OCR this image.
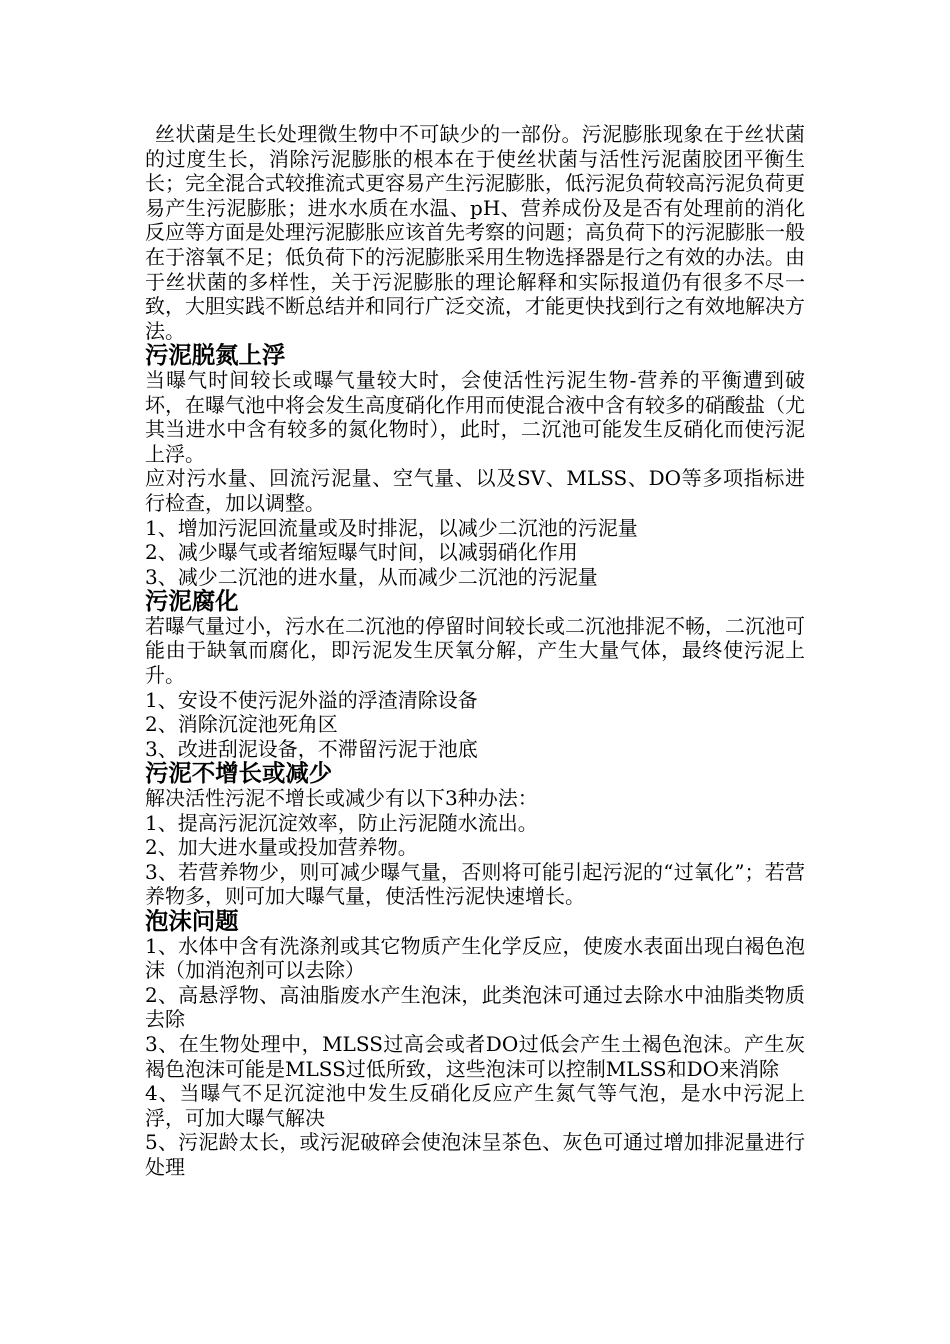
丝状菌是生长处理微生物中不可缺少的一部份。污泥膨胀现象在于丝状菌的过度生长，消除污泥膨胀的根本在于使丝状菌与活性污泥菌胶团平衡生长；完全混合式较推流式更容易产生污泥膨胀，低污泥负荷较高污泥负荷更易产生污泥膨胀；进水水质在水温、pH、营养成份及是否有处理前的消化反应等方面是处理污泥膨胀应该首先考察的问题；高负荷下的污泥膨胀一般在于溶氧不足；低负荷下的污泥膨胀采用生物选择器是行之有效的办法。由于丝状菌的多样性，关于污泥膨胀的理论解释和实际报道仍有很多不尽一致，大胆实践不断总结并和同行广泛交流，才能更快找到行之有效地解决方法。

污泥脱氮上浮

当曝气时间较长或曝气量较大时，会使活性污泥生物-营养的平衡遭到破坏，在曝气池中将会发生高度硝化作用而使混合液中含有较多的硝酸盐（尤其当进水中含有较多的氮化物时），此时，二沉池可能发生反硝化而使污泥上浮。

应对污水量、回流污泥量、空气量、以及SV、MLSS、DO等多项指标进行检查，加以调整。

1、增加污泥回流量或及时排泥，以减少二沉池的污泥量

2、减少曝气或者缩短曝气时间，以减弱硝化作用

3、减少二沉池的进水量，从而减少二沉池的污泥量

污泥腐化

若曝气量过小，污水在二沉池的停留时间较长或二沉池排泥不畅，二沉池可能由于缺氧而腐化，即污泥发生厌氧分解，产生大量气体，最终使污泥上升。

1、安设不使污泥外溢的浮渣清除设备

2、消除沉淀池死角区

3、改进刮泥设备，不滞留污泥于池底

污泥不增长或减少

解决活性污泥不增长或减少有以下3种办法：

1、提高污泥沉淀效率，防止污泥随水流出。

2、加大进水量或投加营养物。

3、若营养物少，则可减少曝气量，否则将可能引起污泥的“过氧化”；若营养物多，则可加大曝气量，使活性污泥快速增长。

泡沫问题

1、水体中含有洗涤剂或其它物质产生化学反应，使废水表面出现白褐色泡沫（加消泡剂可以去除）

2、高悬浮物、高油脂废水产生泡沫，此类泡沫可通过去除水中油脂类物质去除

3、在生物处理中，MLSS过高会或者DO过低会产生土褐色泡沫。产生灰褐色泡沫可能是MLSS过低所致，这些泡沫可以控制MLSS和DO来消除

4、当曝气不足沉淀池中发生反硝化反应产生氮气等气泡，是水中污泥上浮，可加大曝气解决

5、污泥龄太长，或污泥破碎会使泡沫呈茶色、灰色可通过增加排泥量进行处理
